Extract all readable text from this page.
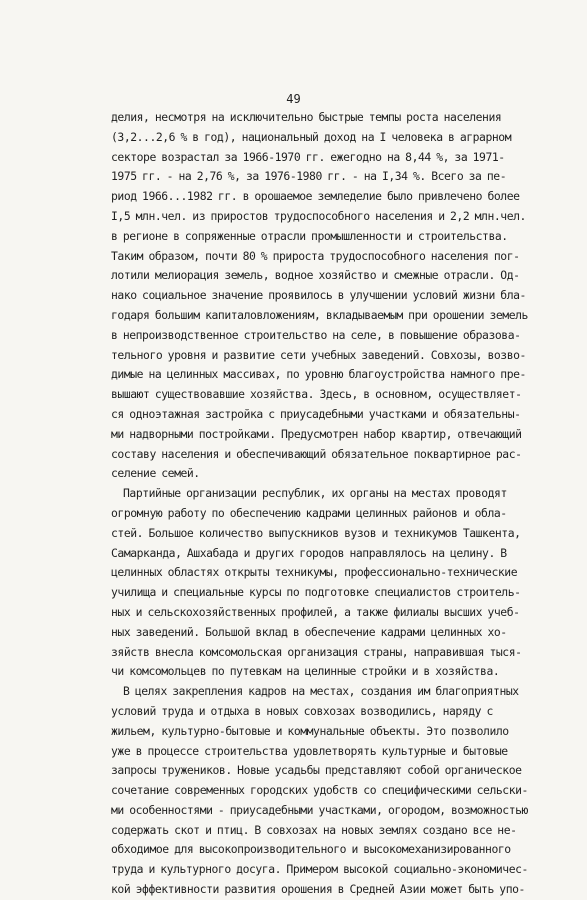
49
делия, несмотря на исключительно быстрые темпы роста населения
(3,2...2,6 % в год), национальный доход на I человека в аграрном
секторе возрастал за 1966-1970 гг. ежегодно на 8,44 %, за 1971-
1975 гг. - на 2,76 %, за 1976-1980 гг. - на I,34 %. Всего за пе-
риод 1966...1982 гг. в орошаемое земледелие было привлечено более
I,5 млн.чел. из приростов трудоспособного населения и 2,2 млн.чел.
в регионе в сопряженные отрасли промышленности и строительства.
Таким образом, почти 80 % прироста трудоспособного населения пог-
лотили мелиорация земель, водное хозяйство и смежные отрасли. Од-
нако социальное значение проявилось в улучшении условий жизни бла-
годаря большим капиталовложениям, вкладываемым при орошении земель
в непроизводственное строительство на селе, в повышение образова-
тельного уровня и развитие сети учебных заведений. Совхозы, возво-
димые на целинных массивах, по уровню благоустройства намного пре-
вышают существовавшие хозяйства. Здесь, в основном, осуществляет-
ся одноэтажная застройка с приусадебными участками и обязательны-
ми надворными постройками. Предусмотрен набор квартир, отвечающий
составу населения и обеспечивающий обязательное поквартирное рас-
селение семей.
Партийные организации республик, их органы на местах проводят
огромную работу по обеспечению кадрами целинных районов и обла-
стей. Большое количество выпускников вузов и техникумов Ташкента,
Самарканда, Ашхабада и других городов направлялось на целину. В
целинных областях открыты техникумы, профессионально-технические
училища и специальные курсы по подготовке специалистов строитель-
ных и сельскохозяйственных профилей, а также филиалы высших учеб-
ных заведений. Большой вклад в обеспечение кадрами целинных хо-
зяйств внесла комсомольская организация страны, направившая тыся-
чи комсомольцев по путевкам на целинные стройки и в хозяйства.
В целях закрепления кадров на местах, создания им благоприятных
условий труда и отдыха в новых совхозах возводились, наряду с
жильем, культурно-бытовые и коммунальные объекты. Это позволило
уже в процессе строительства удовлетворять культурные и бытовые
запросы тружеников. Новые усадьбы представляют собой органическое
сочетание современных городских удобств со специфическими сельски-
ми особенностями - приусадебными участками, огородом, возможностью
содержать скот и птиц. В совхозах на новых землях создано все не-
обходимое для высокопроизводительного и высокомеханизированного
труда и культурного досуга. Примером высокой социально-экономичес-
кой эффективности развития орошения в Средней Азии может быть упо-
